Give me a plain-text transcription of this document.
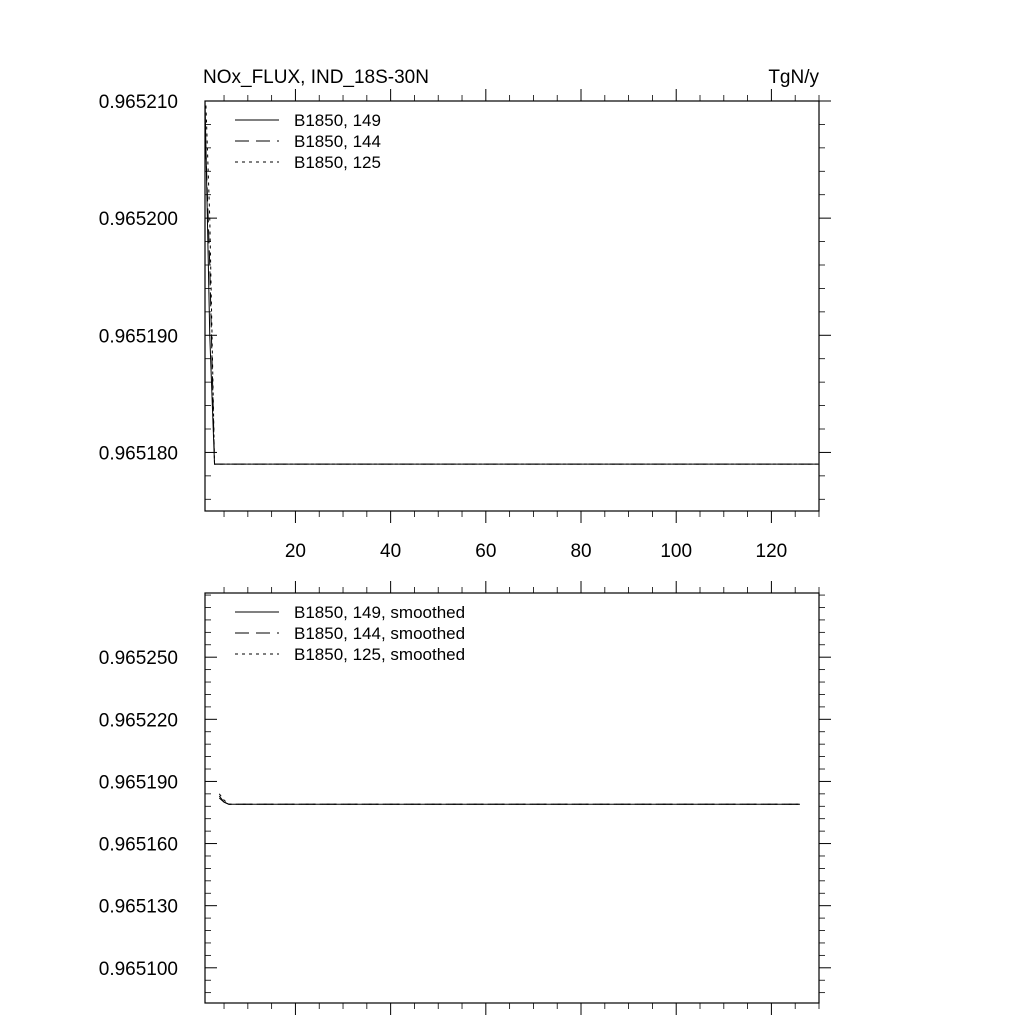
20	40	60	80	100	120
0.965180
0.965190
0.965200
0.965210
NOx_FLUX, IND_18S-30N	TgN/y
B1850, 149
B1850, 144
B1850, 125
0.965100
0.965130
0.965160
0.965190
0.965220
0.965250
B1850, 149, smoothed
B1850, 144, smoothed
B1850, 125, smoothed
